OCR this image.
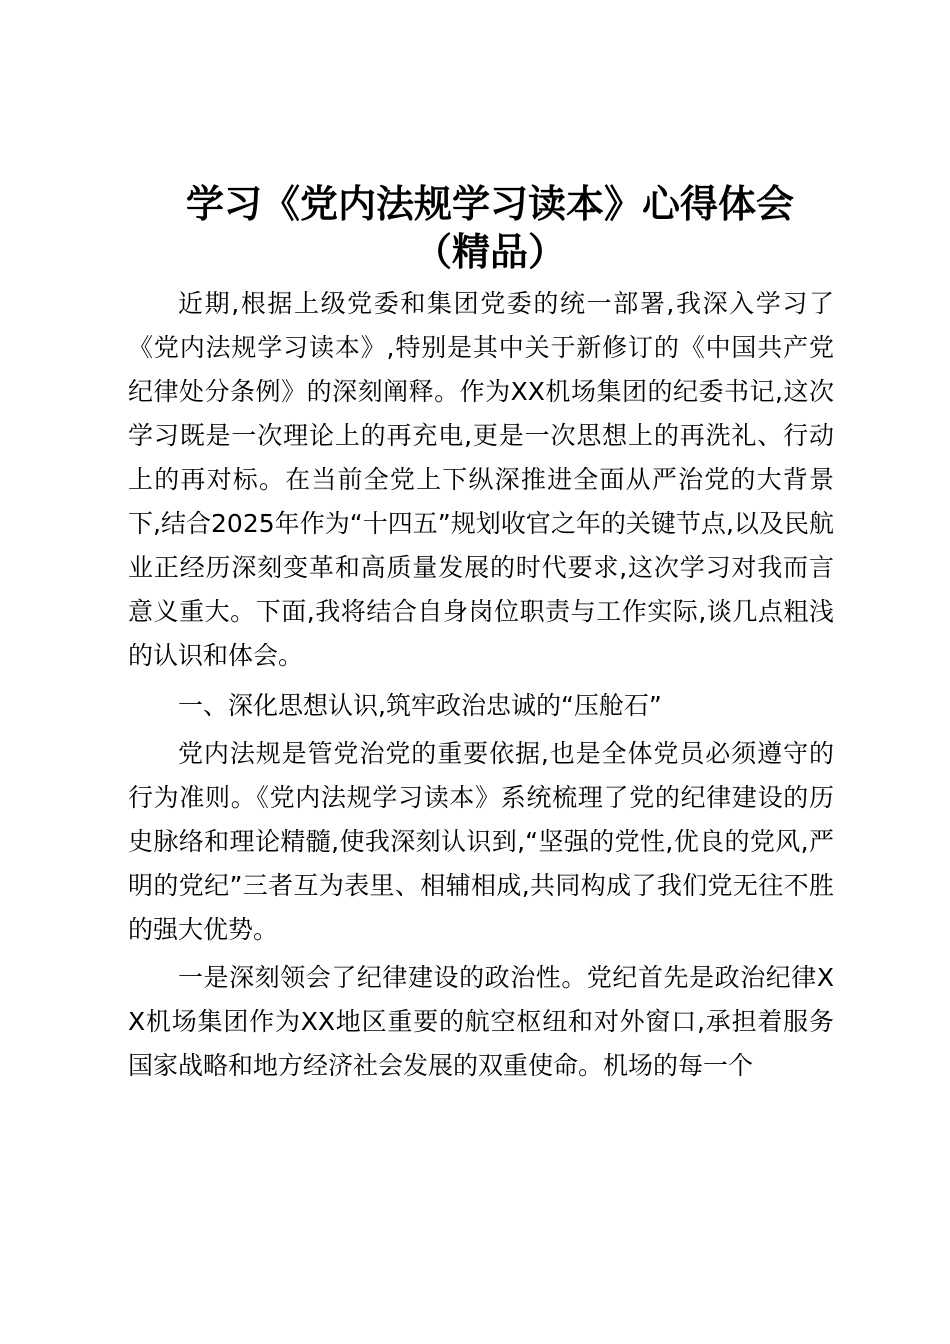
学习《党内法规学习读本》心得体会
（精品）

近期,根据上级党委和集团党委的统一部署,我深入学习了《党内法规学习读本》,特别是其中关于新修订的《中国共产党纪律处分条例》的深刻阐释。作为XX机场集团的纪委书记,这次学习既是一次理论上的再充电,更是一次思想上的再洗礼、行动上的再对标。在当前全党上下纵深推进全面从严治党的大背景下,结合2025年作为“十四五”规划收官之年的关键节点,以及民航业正经历深刻变革和高质量发展的时代要求,这次学习对我而言意义重大。下面,我将结合自身岗位职责与工作实际,谈几点粗浅的认识和体会。

一、深化思想认识,筑牢政治忠诚的“压舱石”

党内法规是管党治党的重要依据,也是全体党员必须遵守的行为准则。《党内法规学习读本》系统梳理了党的纪律建设的历史脉络和理论精髓,使我深刻认识到,“坚强的党性,优良的党风,严明的党纪”三者互为表里、相辅相成,共同构成了我们党无往不胜的强大优势。

一是深刻领会了纪律建设的政治性。党纪首先是政治纪律XX机场集团作为XX地区重要的航空枢纽和对外窗口,承担着服务国家战略和地方经济社会发展的双重使命。机场的每一个
